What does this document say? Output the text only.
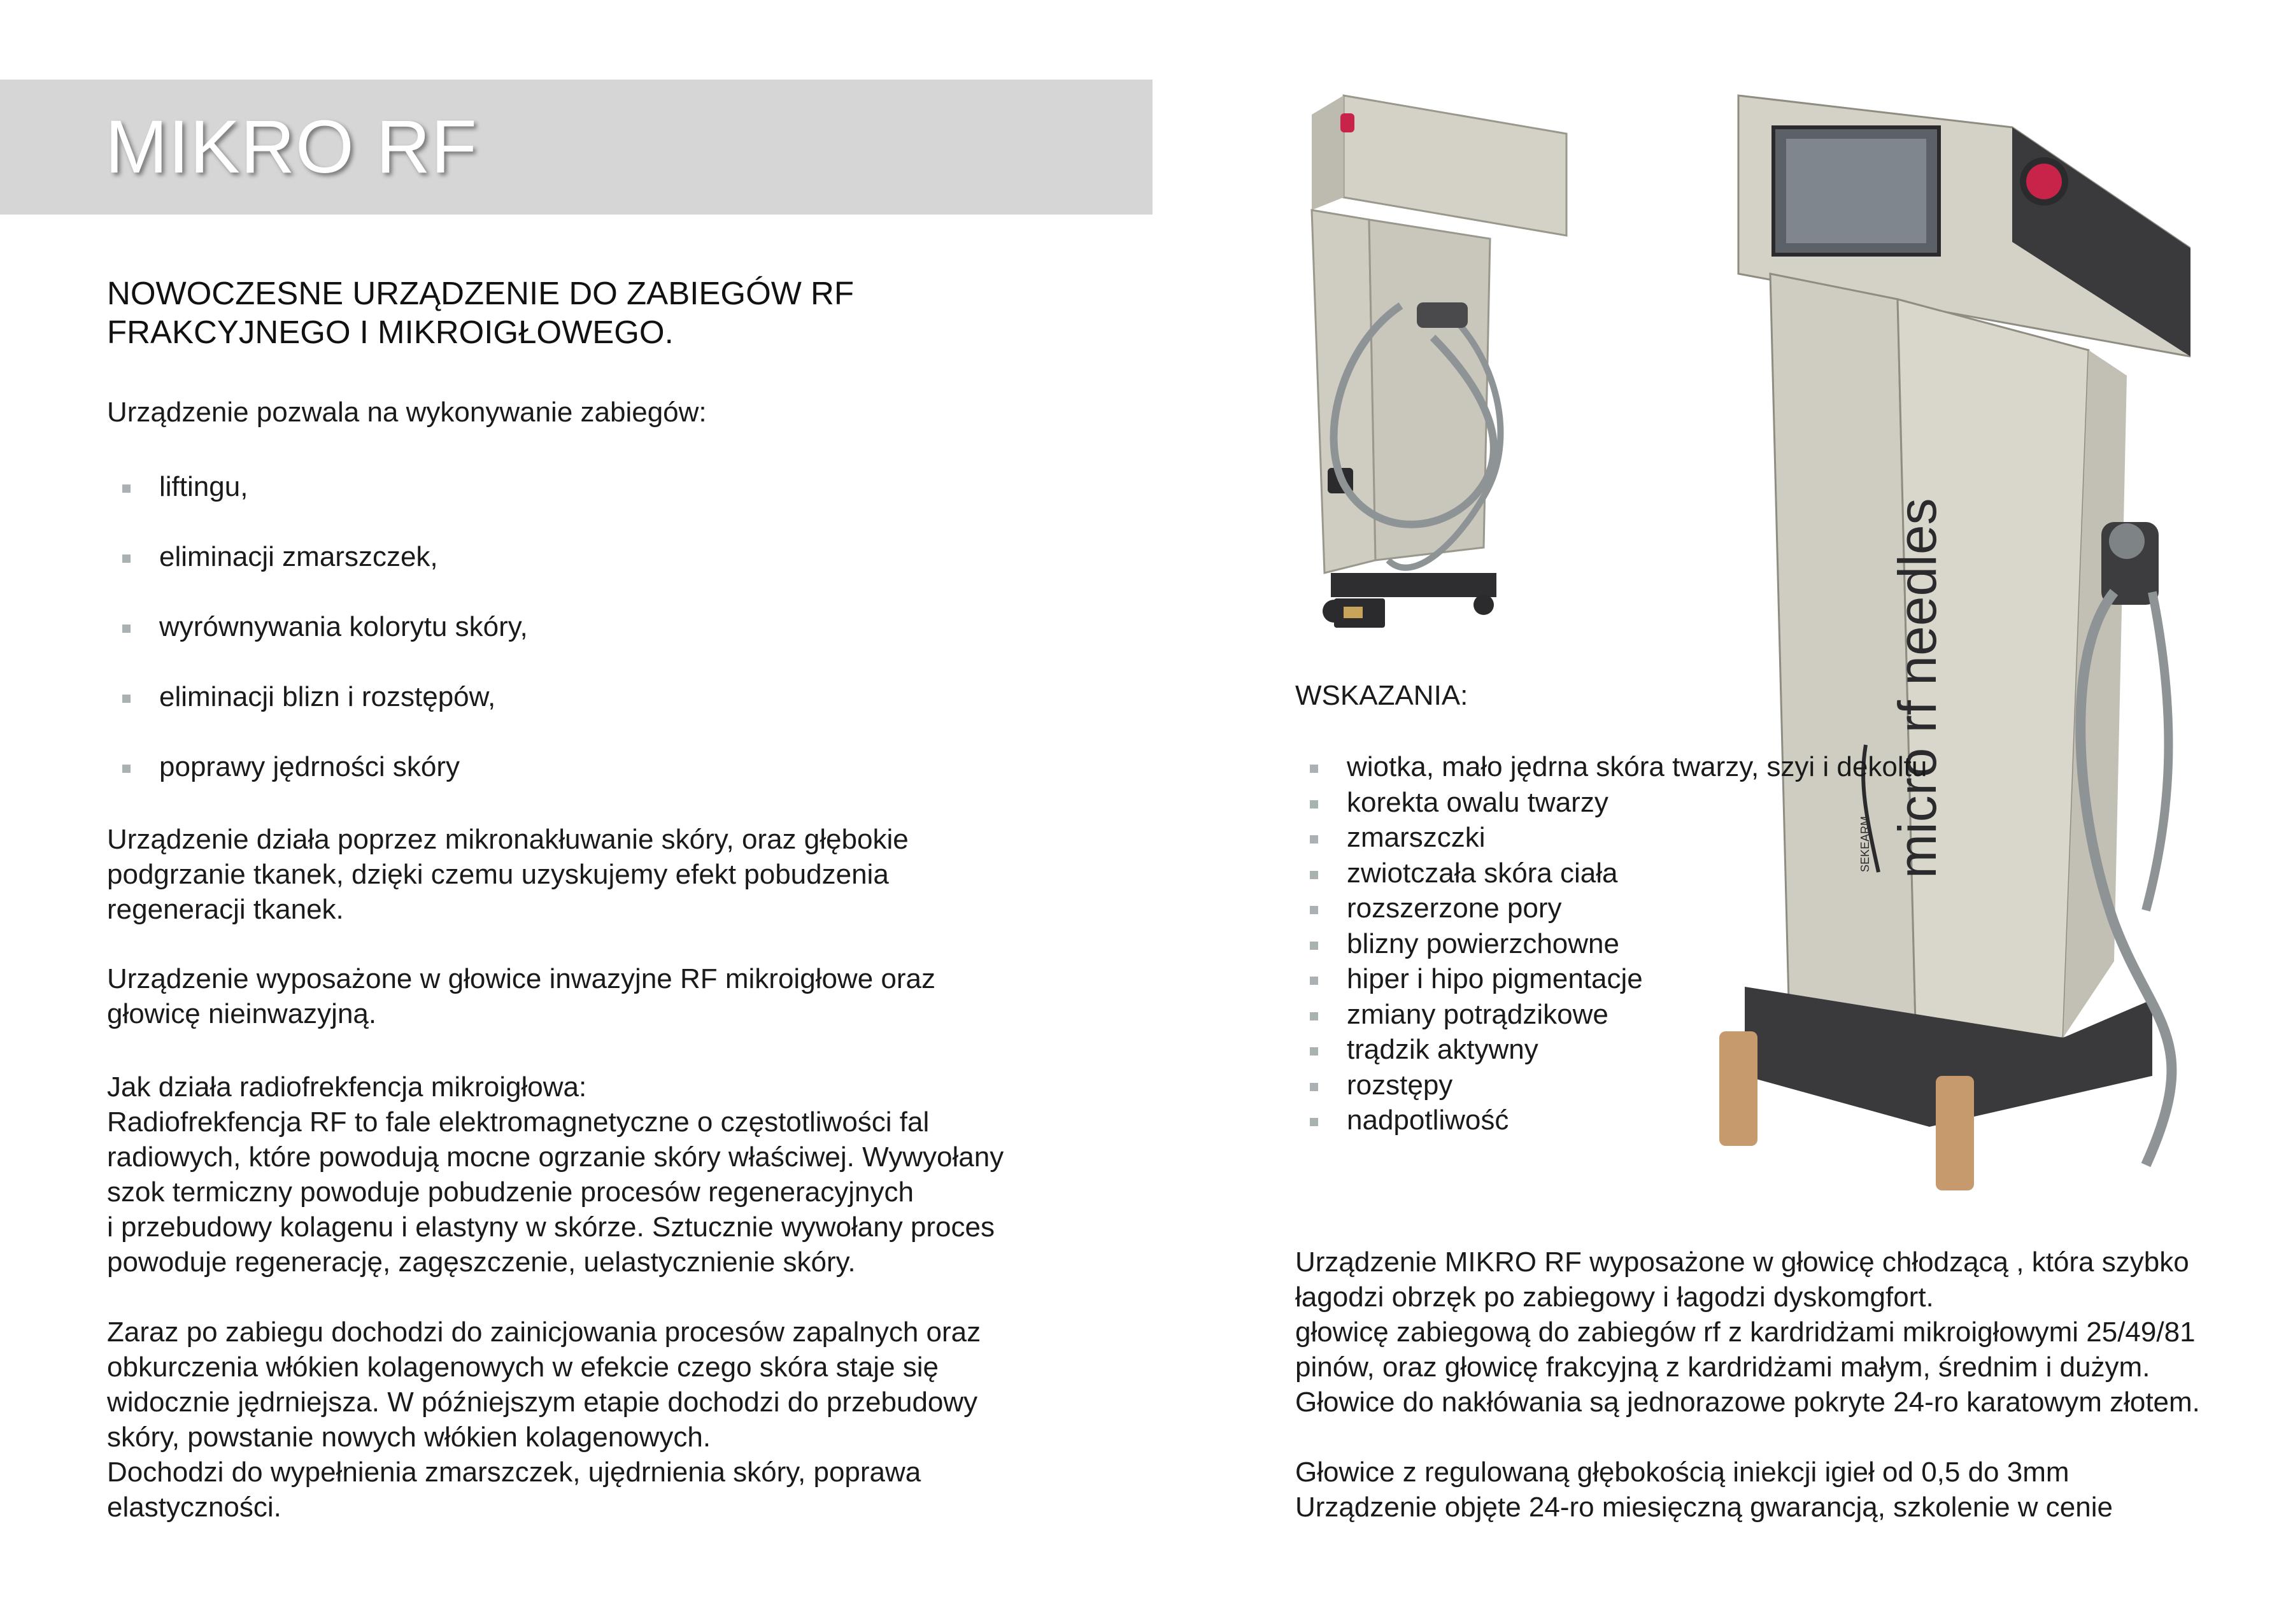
MIKRO RF
NOWOCZESNE URZĄDZENIE DO ZABIEGÓW RF
FRAKCYJNEGO I MIKROIGŁOWEGO.

Urządzenie pozwala na wykonywanie zabiegów:

liftingu,
eliminacji zmarszczek,
wyrównywania kolorytu skóry,
eliminacji blizn i rozstępów,
poprawy jędrności skóry

Urządzenie działa poprzez mikronakłuwanie skóry, oraz głębokie
podgrzanie tkanek, dzięki czemu uzyskujemy efekt pobudzenia
regeneracji tkanek.

Urządzenie wyposażone w głowice inwazyjne RF mikroigłowe oraz
głowicę nieinwazyjną.

Jak działa radiofrekfencja mikroigłowa:
Radiofrekfencja RF to fale elektromagnetyczne o częstotliwości fal
radiowych, które powodują mocne ogrzanie skóry właściwej. Wywyołany
szok termiczny powoduje pobudzenie procesów regeneracyjnych
i przebudowy kolagenu i elastyny w skórze. Sztucznie wywołany proces
powoduje regenerację, zagęszczenie, uelastycznienie skóry.

Zaraz po zabiegu dochodzi do zainicjowania procesów zapalnych oraz
obkurczenia włókien kolagenowych w efekcie czego skóra staje się
widocznie jędrniejsza. W późniejszym etapie dochodzi do przebudowy
skóry, powstanie nowych włókien kolagenowych.
Dochodzi do wypełnienia zmarszczek, ujędrnienia skóry, poprawa
elastyczności.

micro rf needles
SEKEARM

WSKAZANIA:

wiotka, mało jędrna skóra twarzy, szyi i dekoltu
korekta owalu twarzy
zmarszczki
zwiotczała skóra ciała
rozszerzone pory
blizny powierzchowne
hiper i hipo pigmentacje
zmiany potrądzikowe
trądzik aktywny
rozstępy
nadpotliwość

Urządzenie MIKRO RF wyposażone w głowicę chłodzącą , która szybko
łagodzi obrzęk po zabiegowy i łagodzi dyskomgfort.
głowicę zabiegową do zabiegów rf z kardridżami mikroigłowymi 25/49/81
pinów, oraz głowicę frakcyjną z kardridżami małym, średnim i dużym.
Głowice do nakłówania są jednorazowe pokryte 24-ro karatowym złotem.

Głowice z regulowaną głębokością iniekcji igieł od 0,5 do 3mm
Urządzenie objęte 24-ro miesięczną gwarancją, szkolenie w cenie
